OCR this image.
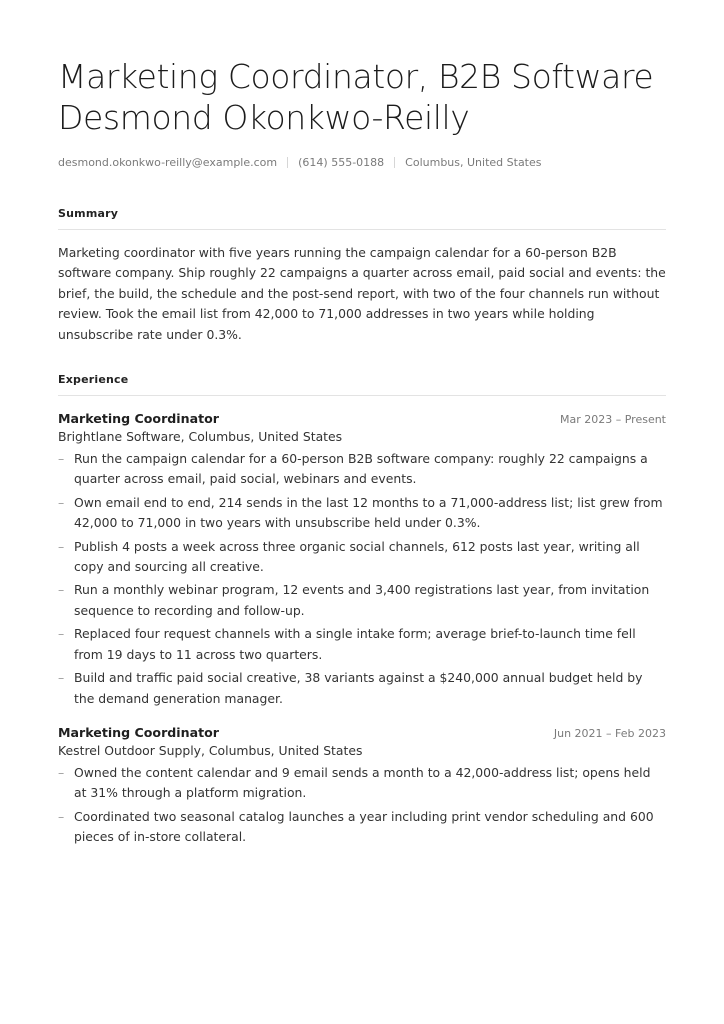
Marketing Coordinator, B2B Software Desmond Okonkwo-Reilly
desmond.okonkwo-reilly@example.com (614) 555-0188 Columbus, United States
Summary
Marketing coordinator with five years running the campaign calendar for a 60-person B2B software company. Ship roughly 22 campaigns a quarter across email, paid social and events: the brief, the build, the schedule and the post-send report, with two of the four channels run without review. Took the email list from 42,000 to 71,000 addresses in two years while holding unsubscribe rate under 0.3%.
Experience
Marketing Coordinator	Mar 2023 – Present
Brightlane Software, Columbus, United States
– Run the campaign calendar for a 60-person B2B software company: roughly 22 campaigns a quarter across email, paid social, webinars and events.
– Own email end to end, 214 sends in the last 12 months to a 71,000-address list; list grew from 42,000 to 71,000 in two years with unsubscribe held under 0.3%.
– Publish 4 posts a week across three organic social channels, 612 posts last year, writing all copy and sourcing all creative.
– Run a monthly webinar program, 12 events and 3,400 registrations last year, from invitation sequence to recording and follow-up.
– Replaced four request channels with a single intake form; average brief-to-launch time fell from 19 days to 11 across two quarters.
– Build and traffic paid social creative, 38 variants against a $240,000 annual budget held by the demand generation manager.
Marketing Coordinator	Jun 2021 – Feb 2023
Kestrel Outdoor Supply, Columbus, United States
– Owned the content calendar and 9 email sends a month to a 42,000-address list; opens held at 31% through a platform migration.
– Coordinated two seasonal catalog launches a year including print vendor scheduling and 600 pieces of in-store collateral.
